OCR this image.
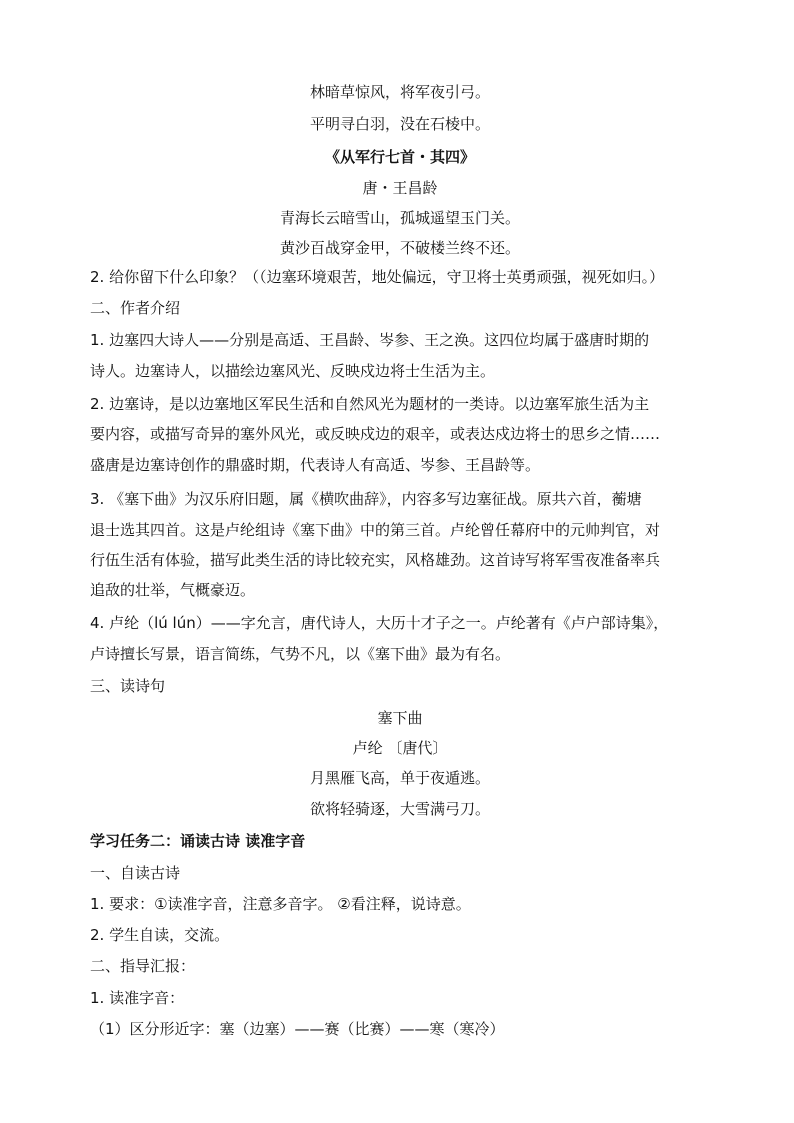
林暗草惊风，将军夜引弓。
平明寻白羽，没在石棱中。
《从军行七首・其四》
唐・王昌龄
青海长云暗雪山，孤城遥望玉门关。
黄沙百战穿金甲，不破楼兰终不还。
2. 给你留下什么印象？（（边塞环境艰苦，地处偏远，守卫将士英勇顽强，视死如归。）
二、作者介绍
1. 边塞四大诗人——分别是高适、王昌龄、岑参、王之涣。这四位均属于盛唐时期的
诗人。边塞诗人，以描绘边塞风光、反映戍边将士生活为主。
2. 边塞诗，是以边塞地区军民生活和自然风光为题材的一类诗。以边塞军旅生活为主
要内容，或描写奇异的塞外风光，或反映戍边的艰辛，或表达戍边将士的思乡之情……
盛唐是边塞诗创作的鼎盛时期，代表诗人有高适、岑参、王昌龄等。
3. 《塞下曲》为汉乐府旧题，属《横吹曲辞》，内容多写边塞征战。原共六首，蘅塘
退士选其四首。这是卢纶组诗《塞下曲》中的第三首。卢纶曾任幕府中的元帅判官，对
行伍生活有体验，描写此类生活的诗比较充实，风格雄劲。这首诗写将军雪夜准备率兵
追敌的壮举，气概豪迈。
4. 卢纶（lú lún）——字允言，唐代诗人，大历十才子之一。卢纶著有《卢户部诗集》，
卢诗擅长写景，语言简练，气势不凡，以《塞下曲》最为有名。
三、读诗句
塞下曲
卢纶 〔唐代〕
月黑雁飞高，单于夜遁逃。
欲将轻骑逐，大雪满弓刀。
学习任务二：诵读古诗 读准字音
一、自读古诗
1. 要求：①读准字音，注意多音字。 ②看注释，说诗意。
2. 学生自读，交流。
二、指导汇报：
1. 读准字音：
（1）区分形近字：塞（边塞）——赛（比赛）——寒（寒冷）
